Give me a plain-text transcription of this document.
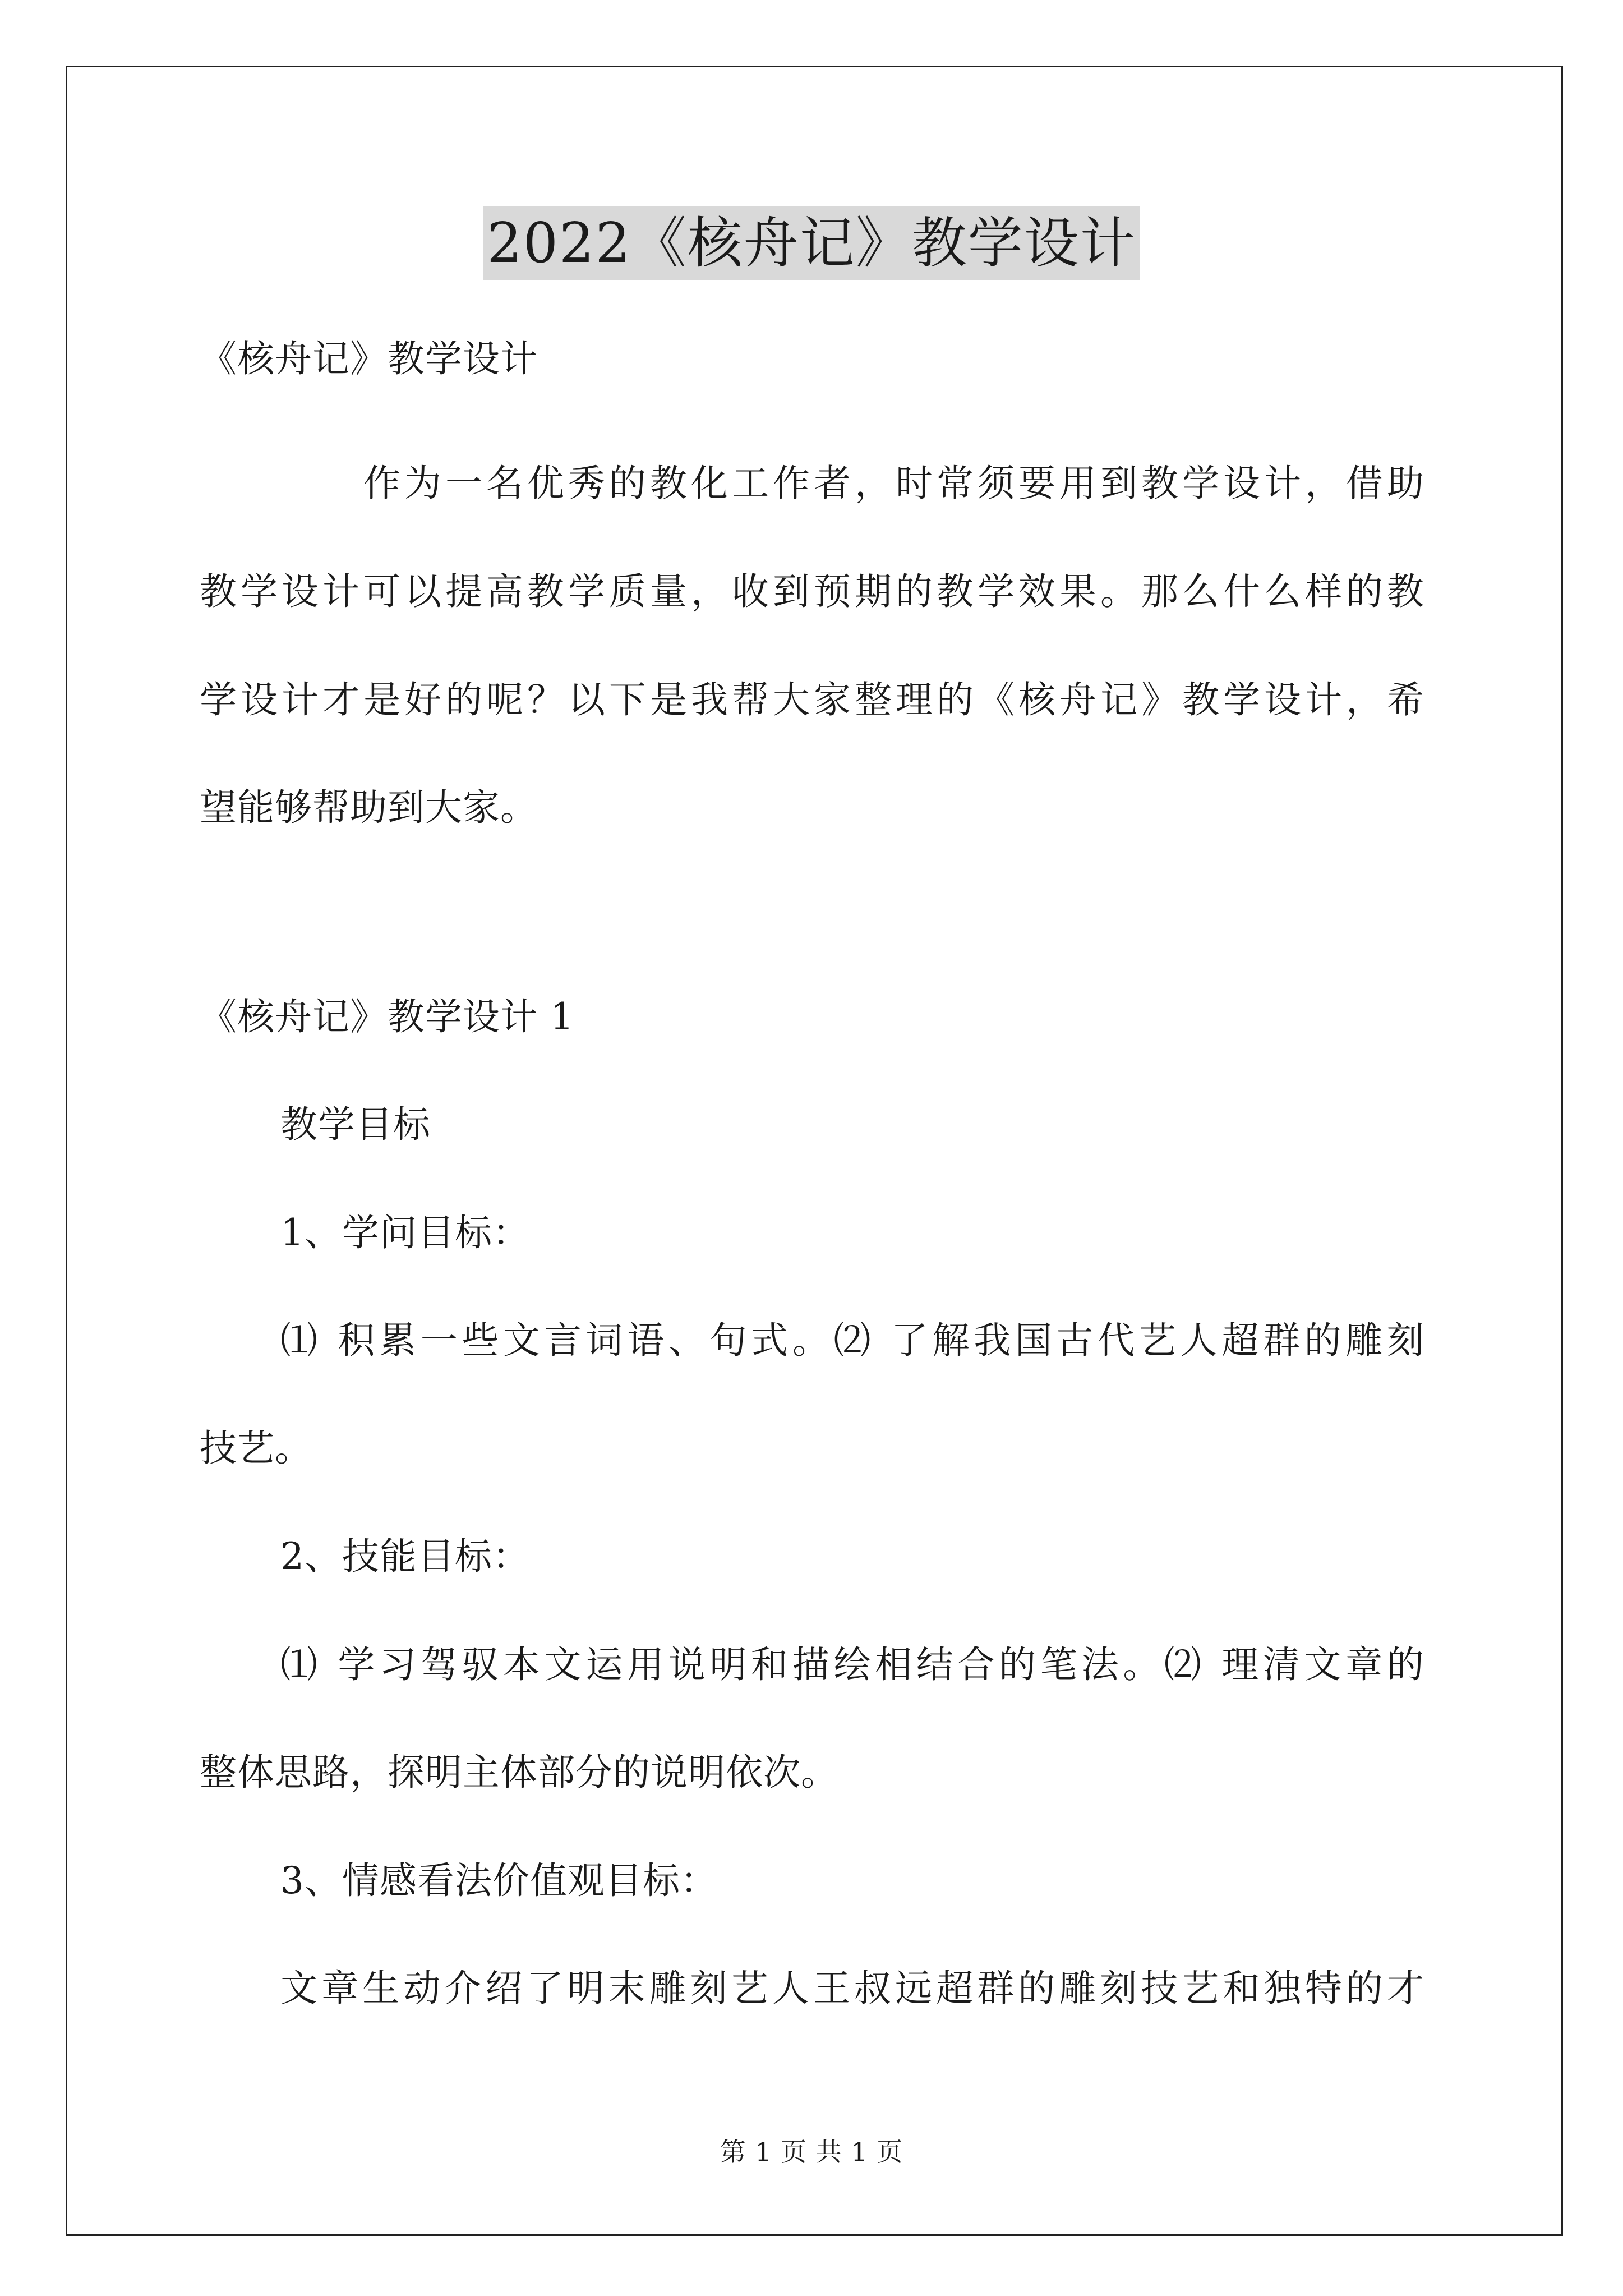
2022《核舟记》教学设计
《核舟记》教学设计
作为一名优秀的教化工作者，时常须要用到教学设计，借助
教学设计可以提高教学质量，收到预期的教学效果。那么什么样的教
学设计才是好的呢？以下是我帮大家整理的《核舟记》教学设计，希
望能够帮助到大家。
《核舟记》教学设计 1
教学目标
1、学问目标：
⑴ 积累一些文言词语、句式。⑵ 了解我国古代艺人超群的雕刻
技艺。
2、技能目标：
⑴ 学习驾驭本文运用说明和描绘相结合的笔法。⑵ 理清文章的
整体思路，探明主体部分的说明依次。
3、情感看法价值观目标：
文章生动介绍了明末雕刻艺人王叔远超群的雕刻技艺和独特的才
第 1 页 共 1 页
